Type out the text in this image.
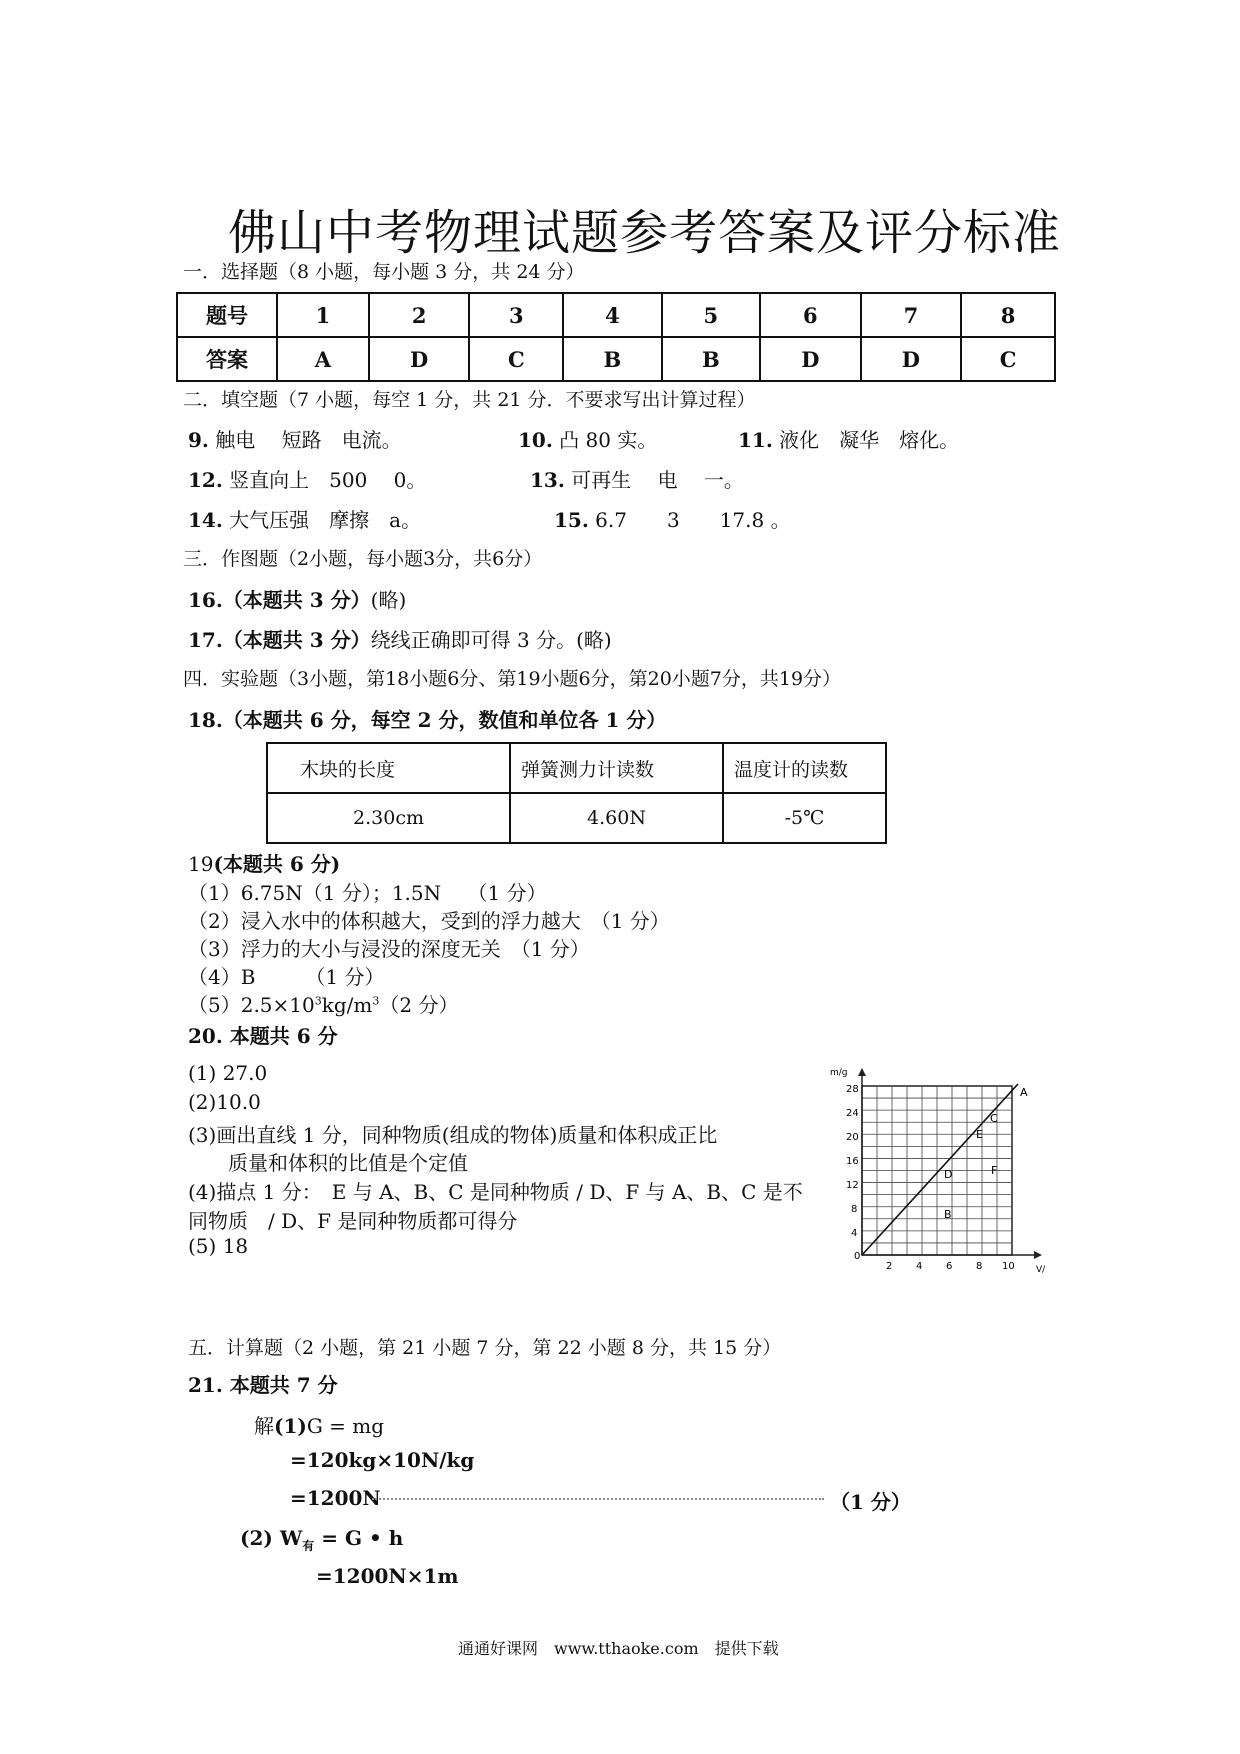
佛山中考物理试题参考答案及评分标准
一．选择题（8 小题，每小题 3 分，共 24 分）
题号	1	2	3	4	5	6	7	8
答案	A	D	C	B	B	D	D	C
二．填空题（7 小题，每空 1 分，共 21 分．不要求写出计算过程）
9. 触电　 短路　电流。	10. 凸 80 实。	11. 液化　凝华　熔化。
12. 竖直向上　500　 0。	13. 可再生　 电　 一。
14. 大气压强　摩擦　a。	15. 6.7　　3　　17.8 。
三．作图题（2小题，每小题3分，共6分）
16.（本题共 3 分）(略)
17.（本题共 3 分）绕线正确即可得 3 分。(略)
四．实验题（3小题，第18小题6分、第19小题6分，第20小题7分，共19分）
18.（本题共 6 分，每空 2 分，数值和单位各 1 分）
木块的长度	弹簧测力计读数	温度计的读数
2.30cm	4.60N	-5℃
19(本题共 6 分)
（1）6.75N（1 分）；1.5N　 （1 分）
（2）浸入水中的体积越大，受到的浮力越大　（1 分）
（3）浮力的大小与浸没的深度无关　（1 分）
（4）B　　　（1 分）
$(5)2.5\times 10^3kg/m^3(2$ 分）
20. 本题共 6 分
(1) 27.0
(2)10.0
(3)画出直线 1 分，同种物质(组成的物体)质量和体积成正比
　　质量和体积的比值是个定值
(4)描点 1 分：　E 与 A、B、C 是同种物质 / D、F 与 A、B、C 是不
同物质　/ D、F 是同种物质都可得分
(5) 18
m/g
V/
28
24
20
16
12
8
4
0
2 4 6 8 10
A
C
E
D	F
B
五．计算题（2 小题，第 21 小题 7 分，第 22 小题 8 分，共 15 分）
21. 本题共 7 分
解(1)G = mg
=120kg×10N/kg
=1200N	（1 分）
(2) $W_有 = G$ • h
=1200N×1m
通通好课网　www.tthaoke.com　提供下载
